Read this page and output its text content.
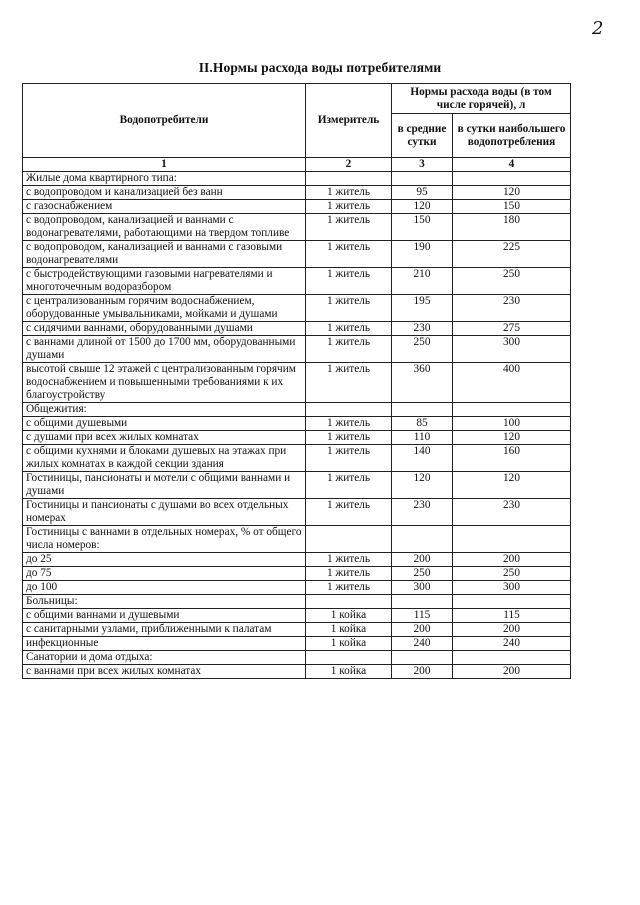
2
II.Нормы расхода воды потребителями
Водопотребители	Измеритель	Нормы расхода воды (в том числе горячей), л	
		в средние сутки	в сутки наибольшего водопотребления
1	2	3	4
Жилые дома квартирного типа:			
с водопроводом и канализацией без ванн	1 житель	95	120
с газоснабжением	1 житель	120	150
с водопроводом, канализацией и ваннами с водонагревателями, работающими на твердом топливе	1 житель	150	180
с водопроводом, канализацией и ваннами с газовыми водонагревателями	1 житель	190	225
с быстродействующими газовыми нагревателями и многоточечным водоразбором	1 житель	210	250
с централизованным горячим водоснабжением, оборудованные умывальниками, мойками и душами	1 житель	195	230
с сидячими ваннами, оборудованными душами	1 житель	230	275
с ваннами длиной от 1500 до 1700 мм, оборудованными душами	1 житель	250	300
высотой свыше 12 этажей с централизованным горячим водоснабжением и повышенными требованиями к их благоустройству	1 житель	360	400
Общежития:			
с общими душевыми	1 житель	85	100
с душами при всех жилых комнатах	1 житель	110	120
с общими кухнями и блоками душевых на этажах при жилых комнатах в каждой секции здания	1 житель	140	160
Гостиницы, пансионаты и мотели с общими ваннами и душами	1 житель	120	120
Гостиницы и пансионаты с душами во всех отдельных номерах	1 житель	230	230
Гостиницы с ваннами в отдельных номерах, % от общего числа номеров:			
до 25	1 житель	200	200
до 75	1 житель	250	250
до 100	1 житель	300	300
Больницы:			
с общими ваннами и душевыми	1 койка	115	115
с санитарными узлами, приближенными к палатам	1 койка	200	200
инфекционные	1 койка	240	240
Санатории и дома отдыха:			
с ваннами при всех жилых комнатах	1 койка	200	200
